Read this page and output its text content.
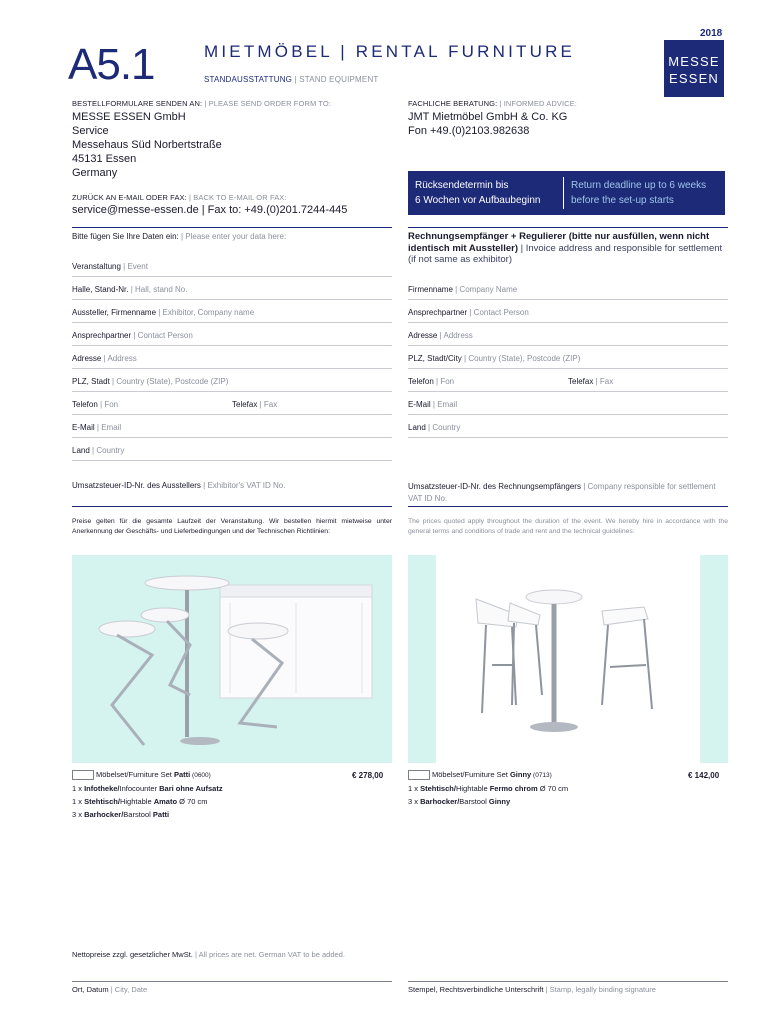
A5.1	MIETMÖBEL | RENTAL FURNITURE
STANDAUSSTATTUNG | STAND EQUIPMENT
2018
MESSE
ESSEN
BESTELLFORMULARE SENDEN AN: | PLEASE SEND ORDER FORM TO:
MESSE ESSEN GmbH
Service
Messehaus Süd Norbertstraße
45131 Essen
Germany
ZURÜCK AN E-MAIL ODER FAX: | BACK TO E-MAIL OR FAX:
service@messe-essen.de | Fax to: +49.(0)201.7244-445
FACHLICHE BERATUNG: | INFORMED ADVICE:
JMT Mietmöbel GmbH & Co. KG
Fon +49.(0)2103.982638
Rücksendetermin bis
6 Wochen vor Aufbaubeginn
Return deadline up to 6 weeks
before the set-up starts
Bitte fügen Sie Ihre Daten ein: | Please enter your data here:	Rechnungsempfänger + Regulierer (bitte nur ausfüllen, wenn nicht identisch mit Aussteller) | Invoice address and responsible for settlement (if not same as exhibitor)
Veranstaltung | Event
Halle, Stand-Nr. | Hall, stand No.
Aussteller, Firmenname | Exhibitor, Company name
Ansprechpartner | Contact Person
Adresse | Address
PLZ, Stadt | Country (State), Postcode (ZIP)
Telefon | Fon	Telefax | Fax
E-Mail | Email
Land | Country
Umsatzsteuer-ID-Nr. des Ausstellers | Exhibitor's VAT ID No.
Firmenname | Company Name
Ansprechpartner | Contact Person
Adresse | Address
PLZ, Stadt/City | Country (State), Postcode (ZIP)
Telefon | Fon	Telefax | Fax
E-Mail | Email
Land | Country
Umsatzsteuer-ID-Nr. des Rechnungsempfängers | Company responsible for settlement VAT ID No.
Preise gelten für die gesamte Laufzeit der Veranstaltung. Wir bestellen hiermit mietweise unter Anerkennung der Geschäfts- und Lieferbedingungen und der Technischen Richtlinien:
The prices quoted apply throughout the duration of the event. We hereby hire in accordance with the general terms and conditions of trade and rent and the technical guidelines:
Möbelset/Furniture Set Patti (0600)	€ 278,00
1 x Infotheke/Infocounter Bari ohne Aufsatz
1 x Stehtisch/Hightable Amato Ø 70 cm
3 x Barhocker/Barstool Patti
Möbelset/Furniture Set Ginny (0713)	€ 142,00
1 x Stehtisch/Hightable Fermo chrom Ø 70 cm
3 x Barhocker/Barstool Ginny
Nettopreise zzgl. gesetzlicher MwSt. | All prices are net. German VAT to be added.
Ort, Datum | City, Date	Stempel, Rechtsverbindliche Unterschrift | Stamp, legally binding signature
